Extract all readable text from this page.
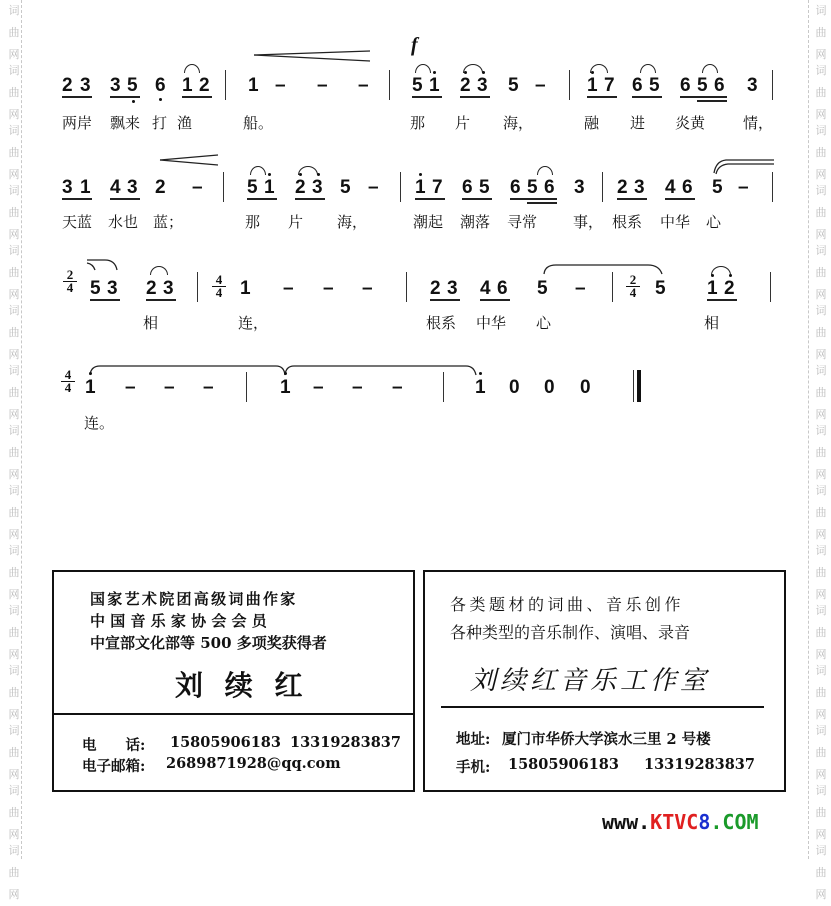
词
曲
网
词
曲
网
词
曲
网
词
曲
网
词
曲
网
词
曲
网
词
曲
网
词
曲
网
词
曲
网
词
曲
网
词
曲
网
词
曲
网
词
曲
网
词
曲
网
词
曲
网
词
曲
网
词
曲
网
词
曲
网
词
曲
网
词
曲
网
词
曲
网
词
曲
网
词
曲
网
词
曲
网
词
曲
网
词
曲
网
词
曲
网
词
曲
网
词
曲
网
词
曲
网
f
2 3 3 5 6 1 2 1 – – – 5 1 2 3 5 – 1 7 6 5 6 5 6 3
两岸 飘来 打 渔	船。	那 片 海，	融 进 炎黄	情，
3 1 4 3 2 – 5 1 2 3 5 – 1 7 6 5 6 5 6 3 2 3 4 6 5 –
天蓝 水也 蓝；	那 片 海，	潮起 潮落 寻常 事， 根系 中华 心
2
4 5 3 2 3	4
4 1 – – –	2 3 4 6 5 –	2
4 5 1 2
相	连，	根系 中华 心	相
4
4 1 – – –	1 – – –	1 0 0 0
连。
国家艺术院团高级词曲作家
中 国 音 乐 家 协 会 会 员
中宣部文化部等 500 多项奖获得者
刘 续 红
电　　话: 15805906183 13319283837
电子邮箱: 2689871928@qq.com
各类题材的词曲、音乐创作
各种类型的音乐制作、演唱、录音
刘续红音乐工作室
地址: 厦门市华侨大学滨水三里 2 号楼
手机: 15805906183 13319283837
www.KTVC8.COM
